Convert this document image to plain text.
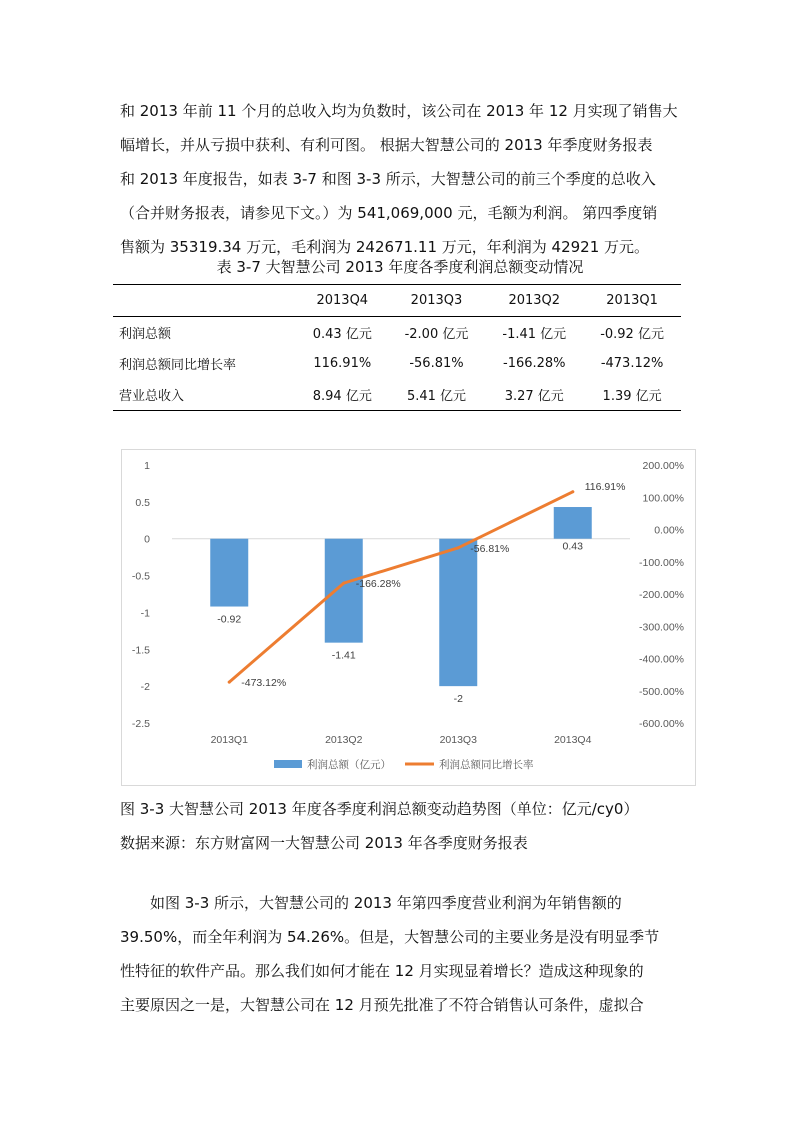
和 2013 年前 11 个月的总收入均为负数时，该公司在 2013 年 12 月实现了销售大
幅增长，并从亏损中获利、有利可图。 根据大智慧公司的 2013 年季度财务报表
和 2013 年度报告，如表 3-7 和图 3-3 所示，大智慧公司的前三个季度的总收入
（合并财务报表，请参见下文。）为 541,069,000 元，毛额为利润。 第四季度销
售额为 35319.34 万元，毛利润为 242671.11 万元，年利润为 42921 万元。
表 3-7 大智慧公司 2013 年度各季度利润总额变动情况
	2013Q4	2013Q3	2013Q2	2013Q1
利润总额	0.43 亿元	-2.00 亿元	-1.41 亿元	-0.92 亿元
利润总额同比增长率	116.91%	-56.81%	-166.28%	-473.12%
营业总收入	8.94 亿元	5.41 亿元	3.27 亿元	1.39 亿元
1
0.5
0
-0.5
-1
-1.5
-2
-2.5
200.00%
100.00%
0.00%
-100.00%
-200.00%
-300.00%
-400.00%
-500.00%
-600.00%
-0.92
-1.41
-2
0.43
2013Q1	2013Q2	2013Q3	2013Q4
-473.12%
-166.28%
-56.81%
116.91%
利润总额（亿元）	利润总额同比增长率
图 3-3 大智慧公司 2013 年度各季度利润总额变动趋势图（单位：亿元/cy0）
数据来源：东方财富网一大智慧公司 2013 年各季度财务报表
如图 3-3 所示，大智慧公司的 2013 年第四季度营业利润为年销售额的
39.50%，而全年利润为 54.26%。但是，大智慧公司的主要业务是没有明显季节
性特征的软件产品。那么我们如何才能在 12 月实现显着增长？造成这种现象的
主要原因之一是，大智慧公司在 12 月预先批准了不符合销售认可条件，虚拟合
